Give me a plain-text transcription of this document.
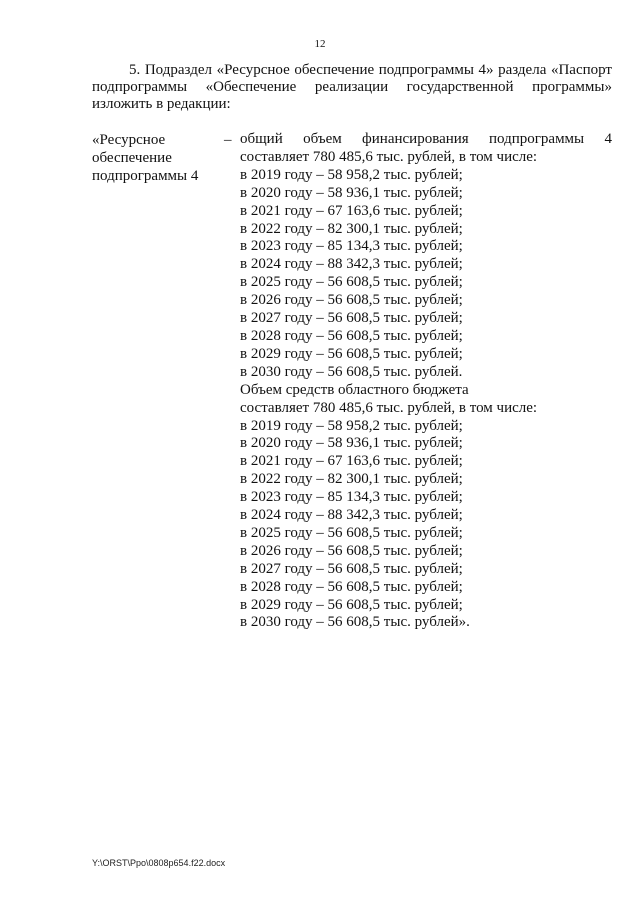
12
5. Подраздел «Ресурсное обеспечение подпрограммы 4» раздела «Паспорт
подпрограммы «Обеспечение реализации государственной программы»
изложить в редакции:
«Ресурсное
обеспечение
подпрограммы 4
– общий объем финансирования подпрограммы 4
составляет 780 485,6 тыс. рублей, в том числе:
в 2019 году – 58 958,2 тыс. рублей;
в 2020 году – 58 936,1 тыс. рублей;
в 2021 году – 67 163,6 тыс. рублей;
в 2022 году – 82 300,1 тыс. рублей;
в 2023 году – 85 134,3 тыс. рублей;
в 2024 году – 88 342,3 тыс. рублей;
в 2025 году – 56 608,5 тыс. рублей;
в 2026 году – 56 608,5 тыс. рублей;
в 2027 году – 56 608,5 тыс. рублей;
в 2028 году – 56 608,5 тыс. рублей;
в 2029 году – 56 608,5 тыс. рублей;
в 2030 году – 56 608,5 тыс. рублей.
Объем средств областного бюджета
составляет 780 485,6 тыс. рублей, в том числе:
в 2019 году – 58 958,2 тыс. рублей;
в 2020 году – 58 936,1 тыс. рублей;
в 2021 году – 67 163,6 тыс. рублей;
в 2022 году – 82 300,1 тыс. рублей;
в 2023 году – 85 134,3 тыс. рублей;
в 2024 году – 88 342,3 тыс. рублей;
в 2025 году – 56 608,5 тыс. рублей;
в 2026 году – 56 608,5 тыс. рублей;
в 2027 году – 56 608,5 тыс. рублей;
в 2028 году – 56 608,5 тыс. рублей;
в 2029 году – 56 608,5 тыс. рублей;
в 2030 году – 56 608,5 тыс. рублей».
Y:\ORST\Ppo\0808p654.f22.docx
